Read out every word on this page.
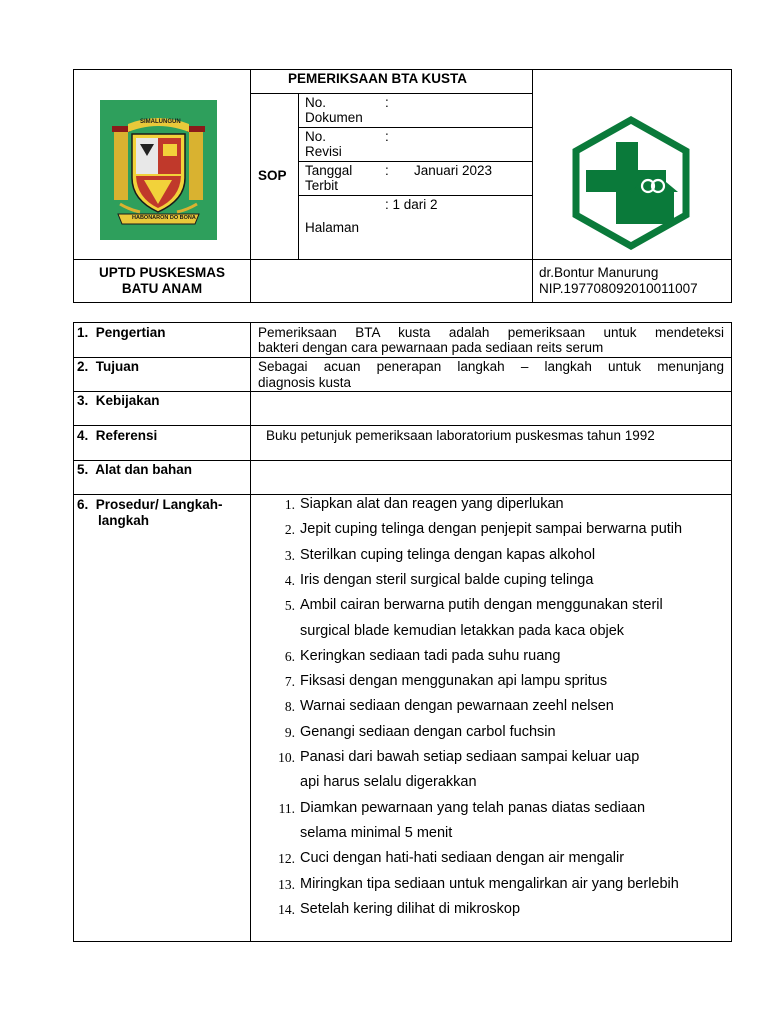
SIMALUNGUN
HABONARON DO BONA
PEMERIKSAAN BTA KUSTA
SOP
No.
Dokumen
:
No.
Revisi
:
Tanggal
Terbit
: Januari 2023
: 1 dari 2
Halaman
UPTD PUSKESMAS
BATU ANAM
dr.Bontur Manurung
NIP.197708092010011007
1.  Pengertian
2.  Tujuan
3.  Kebijakan
4.  Referensi
5.  Alat dan bahan
6.  Prosedur/ Langkah-
langkah
Pemeriksaan BTA kusta adalah pemeriksaan untuk mendeteksi
bakteri dengan cara pewarnaan pada sediaan reits serum
Sebagai acuan penerapan langkah – langkah untuk menunjang
diagnosis kusta
Buku petunjuk pemeriksaan laboratorium puskesmas tahun 1992
1. Siapkan alat dan reagen yang diperlukan
2. Jepit cuping telinga dengan penjepit sampai berwarna putih
3. Sterilkan cuping telinga dengan kapas alkohol
4. Iris dengan steril surgical balde cuping telinga
5. Ambil cairan berwarna putih dengan menggunakan steril
surgical blade kemudian letakkan pada kaca objek
6. Keringkan sediaan tadi pada suhu ruang
7. Fiksasi dengan menggunakan api lampu spritus
8. Warnai sediaan dengan pewarnaan zeehl nelsen
9. Genangi sediaan dengan carbol fuchsin
10. Panasi dari bawah setiap sediaan sampai keluar uap
api harus selalu digerakkan
11. Diamkan pewarnaan yang telah panas diatas sediaan
selama minimal 5 menit
12. Cuci dengan hati-hati sediaan dengan air mengalir
13. Miringkan tipa sediaan untuk mengalirkan air yang berlebih
14. Setelah kering dilihat di mikroskop
